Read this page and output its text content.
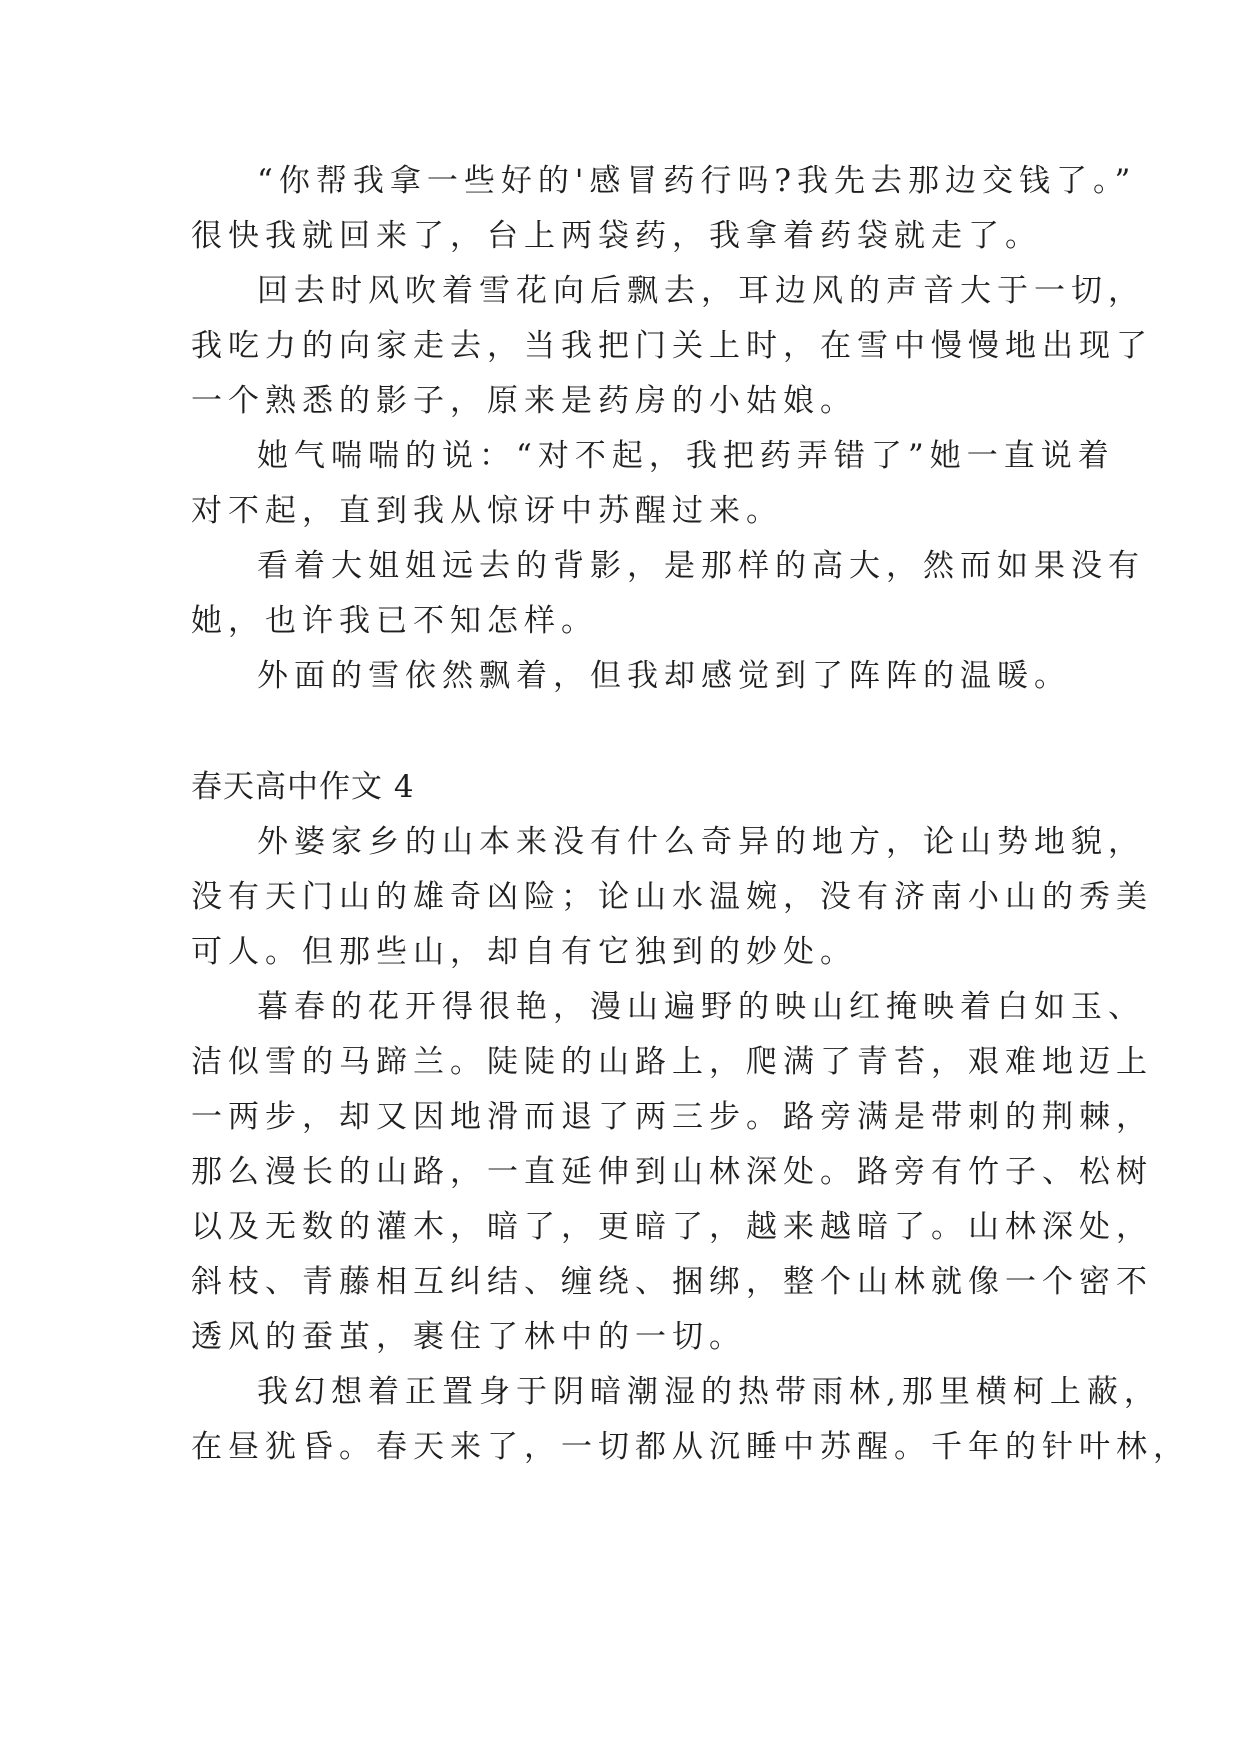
“你帮我拿一些好的'感冒药行吗?我先去那边交钱了。”
很快我就回来了，台上两袋药，我拿着药袋就走了。
回去时风吹着雪花向后飘去，耳边风的声音大于一切，
我吃力的向家走去，当我把门关上时，在雪中慢慢地出现了
一个熟悉的影子，原来是药房的小姑娘。
她气喘喘的说：“对不起，我把药弄错了”她一直说着
对不起，直到我从惊讶中苏醒过来。
看着大姐姐远去的背影，是那样的高大，然而如果没有
她，也许我已不知怎样。
外面的雪依然飘着，但我却感觉到了阵阵的温暖。
春天高中作文 4
外婆家乡的山本来没有什么奇异的地方，论山势地貌，
没有天门山的雄奇凶险；论山水温婉，没有济南小山的秀美
可人。但那些山，却自有它独到的妙处。
暮春的花开得很艳，漫山遍野的映山红掩映着白如玉、
洁似雪的马蹄兰。陡陡的山路上，爬满了青苔，艰难地迈上
一两步，却又因地滑而退了两三步。路旁满是带刺的荆棘，
那么漫长的山路，一直延伸到山林深处。路旁有竹子、松树
以及无数的灌木，暗了，更暗了，越来越暗了。山林深处，
斜枝、青藤相互纠结、缠绕、捆绑，整个山林就像一个密不
透风的蚕茧，裹住了林中的一切。
我幻想着正置身于阴暗潮湿的热带雨林,那里横柯上蔽，
在昼犹昏。春天来了，一切都从沉睡中苏醒。千年的针叶林，
